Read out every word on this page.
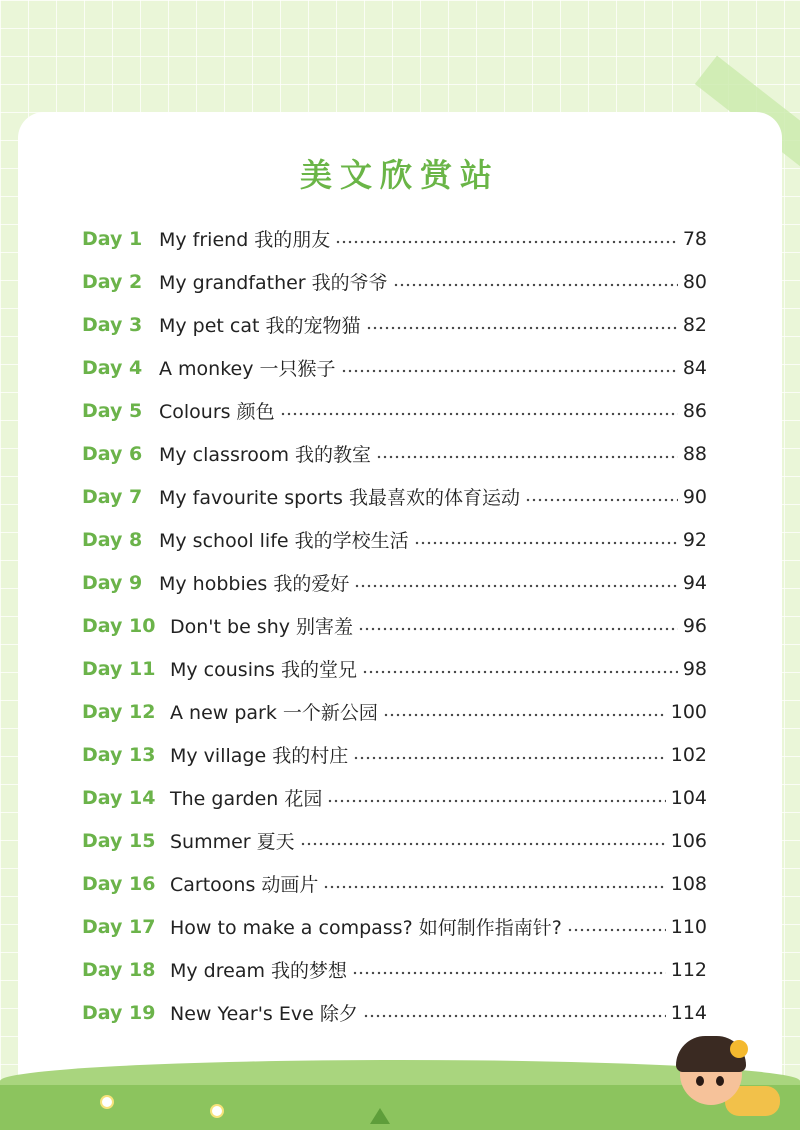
美文欣赏站
Day 1 My friend 我的朋友	78
Day 2 My grandfather 我的爷爷	80
Day 3 My pet cat 我的宠物猫	82
Day 4 A monkey 一只猴子	84
Day 5 Colours 颜色	86
Day 6 My classroom 我的教室	88
Day 7 My favourite sports 我最喜欢的体育运动	90
Day 8 My school life 我的学校生活	92
Day 9 My hobbies 我的爱好	94
Day 10 Don't be shy 别害羞	96
Day 11 My cousins 我的堂兄	98
Day 12 A new park 一个新公园	100
Day 13 My village 我的村庄	102
Day 14 The garden 花园	104
Day 15 Summer 夏天	106
Day 16 Cartoons 动画片	108
Day 17 How to make a compass? 如何制作指南针?	110
Day 18 My dream 我的梦想	112
Day 19 New Year's Eve 除夕	114
